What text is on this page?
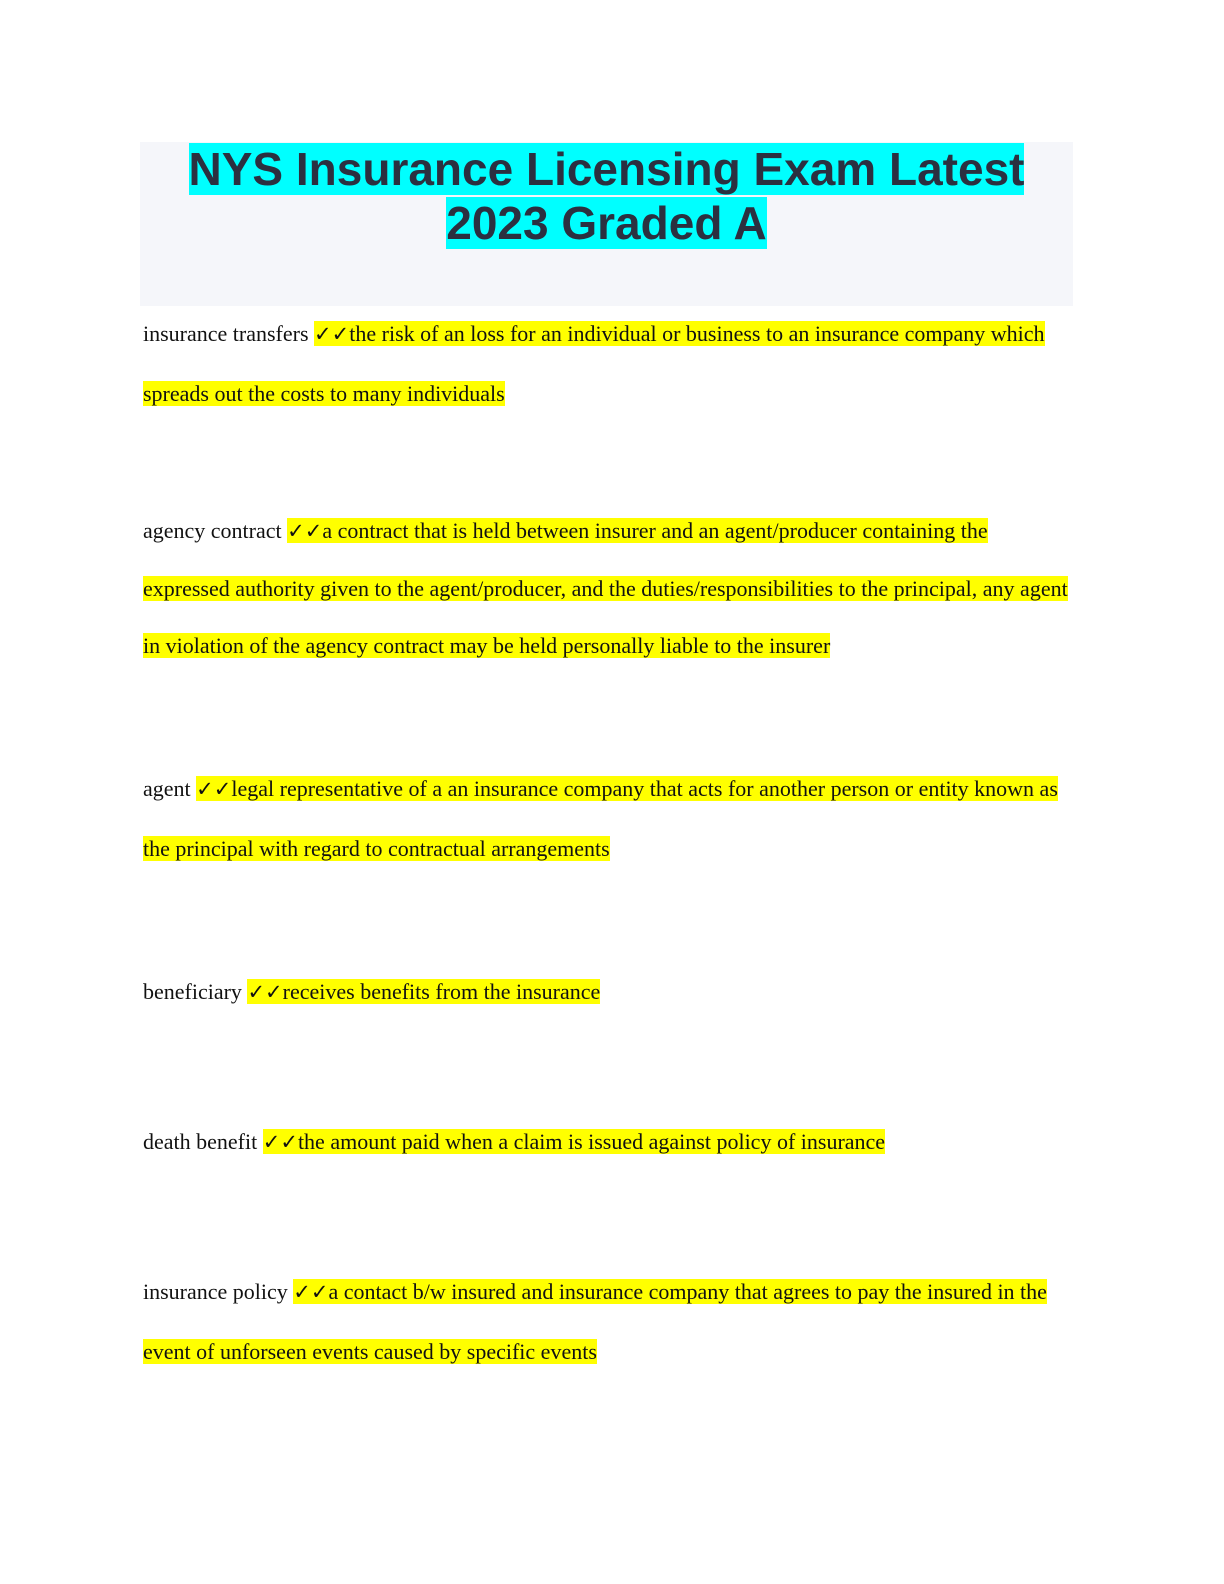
NYS Insurance Licensing Exam Latest
2023 Graded A

insurance transfers ✓✓the risk of an loss for an individual or business to an insurance company which spreads out the costs to many individuals

agency contract ✓✓a contract that is held between insurer and an agent/producer containing the expressed authority given to the agent/producer, and the duties/responsibilities to the principal, any agent in violation of the agency contract may be held personally liable to the insurer

agent ✓✓legal representative of a an insurance company that acts for another person or entity known as the principal with regard to contractual arrangements

beneficiary ✓✓receives benefits from the insurance

death benefit ✓✓the amount paid when a claim is issued against policy of insurance

insurance policy ✓✓a contact b/w insured and insurance company that agrees to pay the insured in the event of unforseen events caused by specific events
